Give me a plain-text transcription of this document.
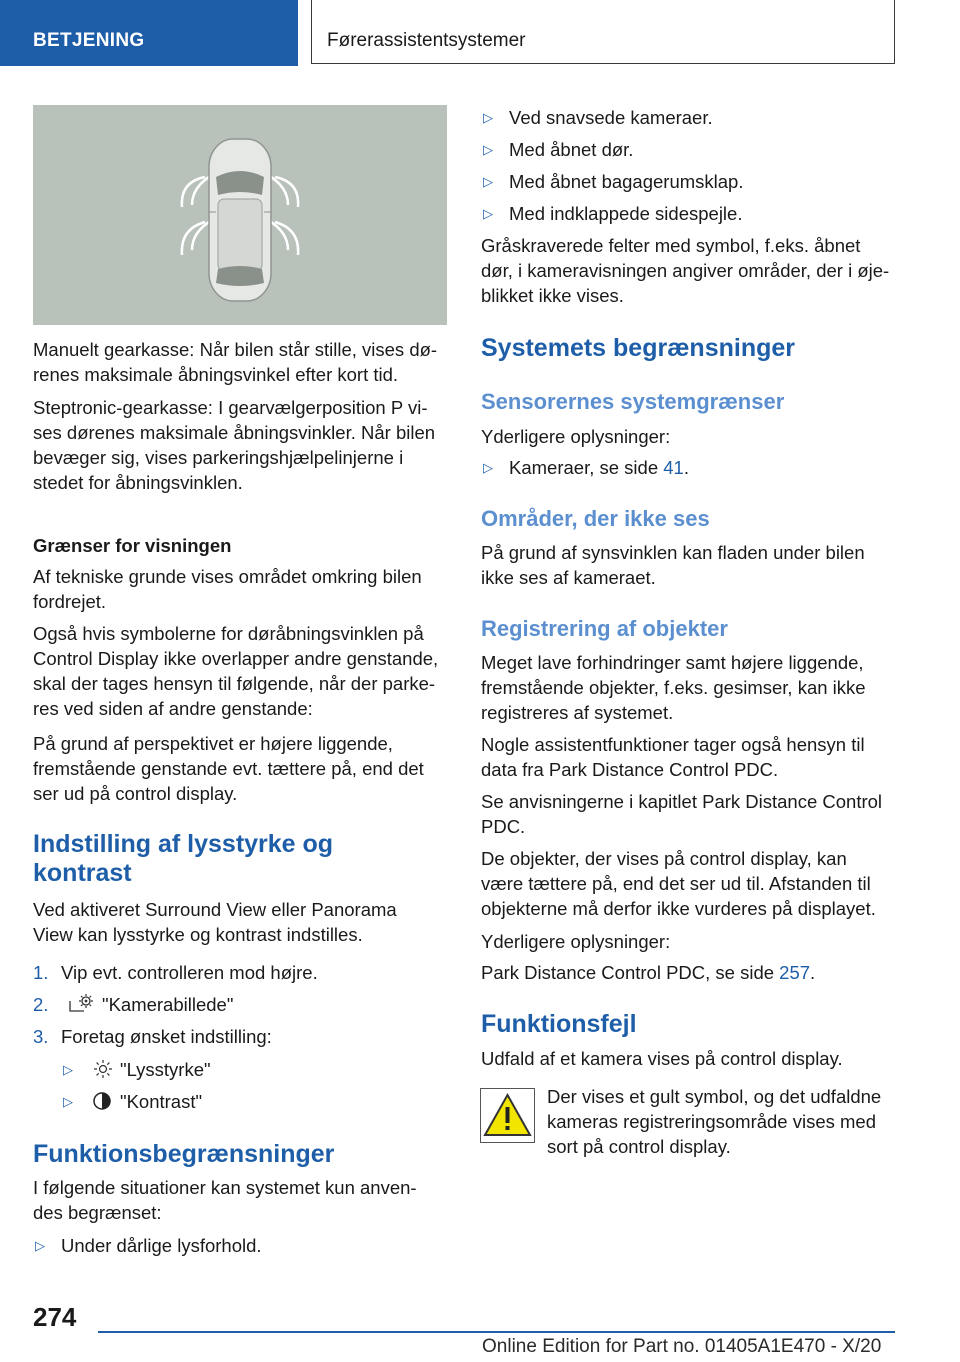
BETJENING	Førerassistentsystemer

Manuelt gearkasse: Når bilen står stille, vises dø-
renes maksimale åbningsvinkel efter kort tid.

Steptronic-gearkasse: I gearvælgerposition P vi-
ses dørenes maksimale åbningsvinkler. Når bilen
bevæger sig, vises parkeringshjælpelinjerne i
stedet for åbningsvinklen.

Grænser for visningen

Af tekniske grunde vises området omkring bilen
fordrejet.

Også hvis symbolerne for døråbningsvinklen på
Control Display ikke overlapper andre genstande,
skal der tages hensyn til følgende, når der parke-
res ved siden af andre genstande:

På grund af perspektivet er højere liggende,
fremstående genstande evt. tættere på, end det
ser ud på control display.

Indstilling af lysstyrke og
kontrast

Ved aktiveret Surround View eller Panorama
View kan lysstyrke og kontrast indstilles.

1. Vip evt. controlleren mod højre.
2.	"Kamerabillede"
3. Foretag ønsket indstilling:
▷	"Lysstyrke"
▷	"Kontrast"

Funktionsbegrænsninger

I følgende situationer kan systemet kun anven-
des begrænset:

▷ Under dårlige lysforhold.
▷ Ved snavsede kameraer.
▷ Med åbnet dør.
▷ Med åbnet bagagerumsklap.
▷ Med indklappede sidespejle.

Gråskraverede felter med symbol, f.eks. åbnet
dør, i kameravisningen angiver områder, der i øje-
blikket ikke vises.

Systemets begrænsninger

Sensorernes systemgrænser

Yderligere oplysninger:

▷ Kameraer, se side 41.

Områder, der ikke ses

På grund af synsvinklen kan fladen under bilen
ikke ses af kameraet.

Registrering af objekter

Meget lave forhindringer samt højere liggende,
fremstående objekter, f.eks. gesimser, kan ikke
registreres af systemet.

Nogle assistentfunktioner tager også hensyn til
data fra Park Distance Control PDC.

Se anvisningerne i kapitlet Park Distance Control
PDC.

De objekter, der vises på control display, kan
være tættere på, end det ser ud til. Afstanden til
objekterne må derfor ikke vurderes på displayet.

Yderligere oplysninger:

Park Distance Control PDC, se side 257.

Funktionsfejl

Udfald af et kamera vises på control display.

Der vises et gult symbol, og det udfaldne
kameras registreringsområde vises med
sort på control display.

274
Online Edition for Part no. 01405A1E470 - X/20
